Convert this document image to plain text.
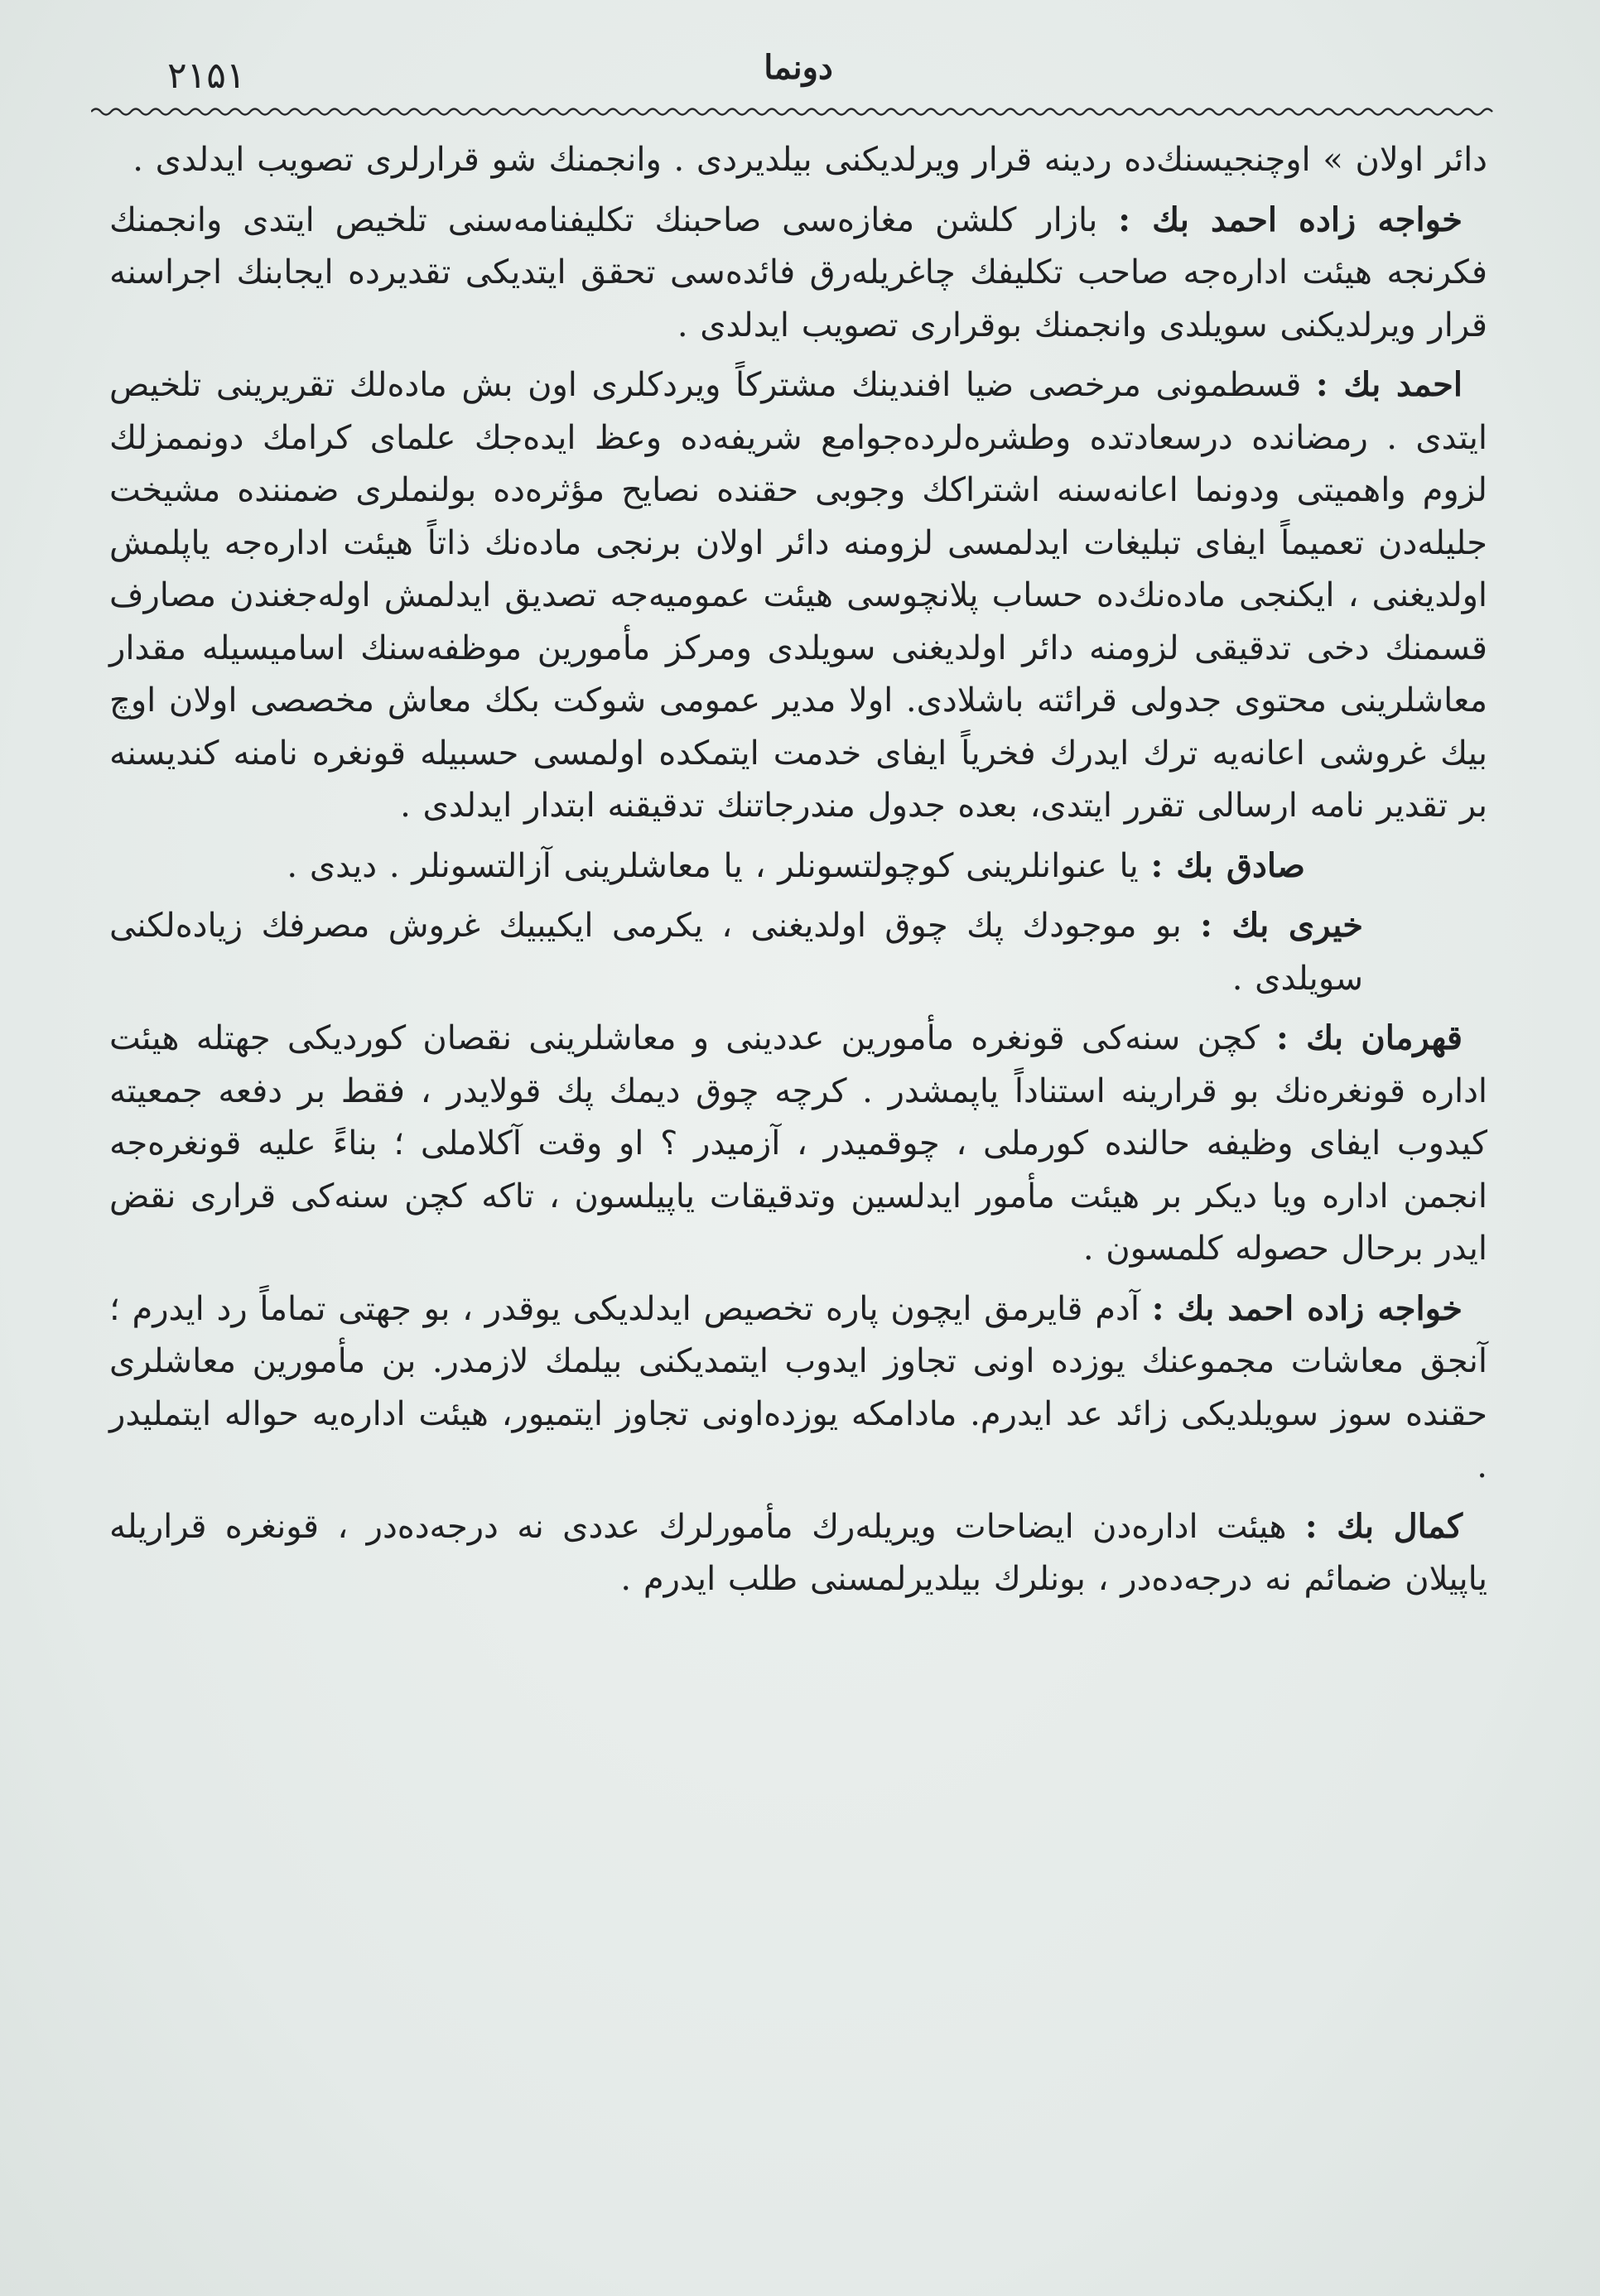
۲۱۵۱	دونما

دائر اولان » اوچنجیسنك‌ده ردینه قرار ویرلدیکنی بیلدیردی . وانجمنك شو قرارلری تصویب ایدلدی .

خواجه زاده احمد بك : بازار کلشن مغازه‌سی صاحبنك تکلیفنامه‌سنی تلخیص ایتدی وانجمنك فکرنجه هیئت اداره‌جه صاحب تکلیفك چاغریله‌رق فائده‌سی تحقق ایتدیکی تقدیرده ایجابنك اجراسنه قرار ویرلدیکنی سویلدی وانجمنك بوقراری تصویب ایدلدی .

احمد بك : قسطمونی مرخصی ضیا افندینك مشترکاً ویردکلری اون بش ماده‌لك تقریرینی تلخیص ایتدی . رمضانده درسعادتده وطشره‌لرده‌جوامع شریفه‌ده وعظ ایده‌جك علمای کرامك دونممزلك لزوم واهمیتی ودونما اعانه‌سنه اشتراکك وجوبی حقنده نصایح مؤثره‌ده بولنملری ضمننده مشیخت جلیله‌دن تعمیماً ایفای تبلیغات ایدلمسی لزومنه دائر اولان برنجی ماده‌نك ذاتاً هیئت اداره‌جه یاپلمش اولدیغنی ، ایکنجی ماده‌نك‌ده حساب پلانچوسی هیئت عمومیه‌جه تصدیق ایدلمش اوله‌جغندن مصارف قسمنك دخی تدقیقی لزومنه دائر اولدیغنی سویلدی ومرکز مأمورین موظفه‌سنك اسامیسیله مقدار معاشلرینی محتوی جدولی قرائته باشلادی. اولا مدیر عمومی شوکت بکك معاش مخصصی اولان اوچ بیك غروشی اعانه‌یه ترك ایدرك فخریاً ایفای خدمت ایتمکده اولمسی حسبیله قونغره نامنه کندیسنه بر تقدیر نامه ارسالی تقرر ایتدی، بعده جدول مندرجاتنك تدقیقنه ابتدار ایدلدی .

صادق بك : یا عنوانلرینی کوچولتسونلر ، یا معاشلرینی آزالتسونلر . دیدی .

خیری بك : بو موجودك پك چوق اولدیغنی ، یکرمی ایکیبیك غروش مصرفك زیاده‌لکنی سویلدی .

قهرمان بك : کچن سنه‌کی قونغره مأمورین عددینی و معاشلرینی نقصان کوردیکی جهتله هیئت اداره قونغره‌نك بو قرارینه استناداً یاپمشدر . کرچه چوق دیمك پك قولایدر ، فقط بر دفعه جمعیته کیدوب ایفای وظیفه حالنده کورملی ، چوقمیدر ، آزمیدر ؟ او وقت آکلاملی ؛ بناءً علیه قونغره‌جه انجمن اداره ویا دیکر بر هیئت مأمور ایدلسین وتدقیقات یاپیلسون ، تاکه کچن سنه‌کی قراری نقض ایدر برحال حصوله کلمسون .

خواجه زاده احمد بك : آدم قایرمق ایچون پاره تخصیص ایدلدیکی یوقدر ، بو جهتی تماماً رد ایدرم ؛ آنجق معاشات مجموعنك یوزده اونی تجاوز ایدوب ایتمدیکنی بیلمك لازمدر. بن مأمورین معاشلری حقنده سوز سویلدیکی زائد عد ایدرم. مادامکه یوزده‌اونی تجاوز ایتمیور، هیئت اداره‌یه حواله ایتملیدر .

کمال بك : هیئت اداره‌دن ایضاحات ویریله‌رك مأمورلرك عددی نه درجه‌ده‌در ، قونغره قراریله یاپیلان ضمائم نه درجه‌ده‌در ، بونلرك بیلدیرلمسنی طلب ایدرم .
